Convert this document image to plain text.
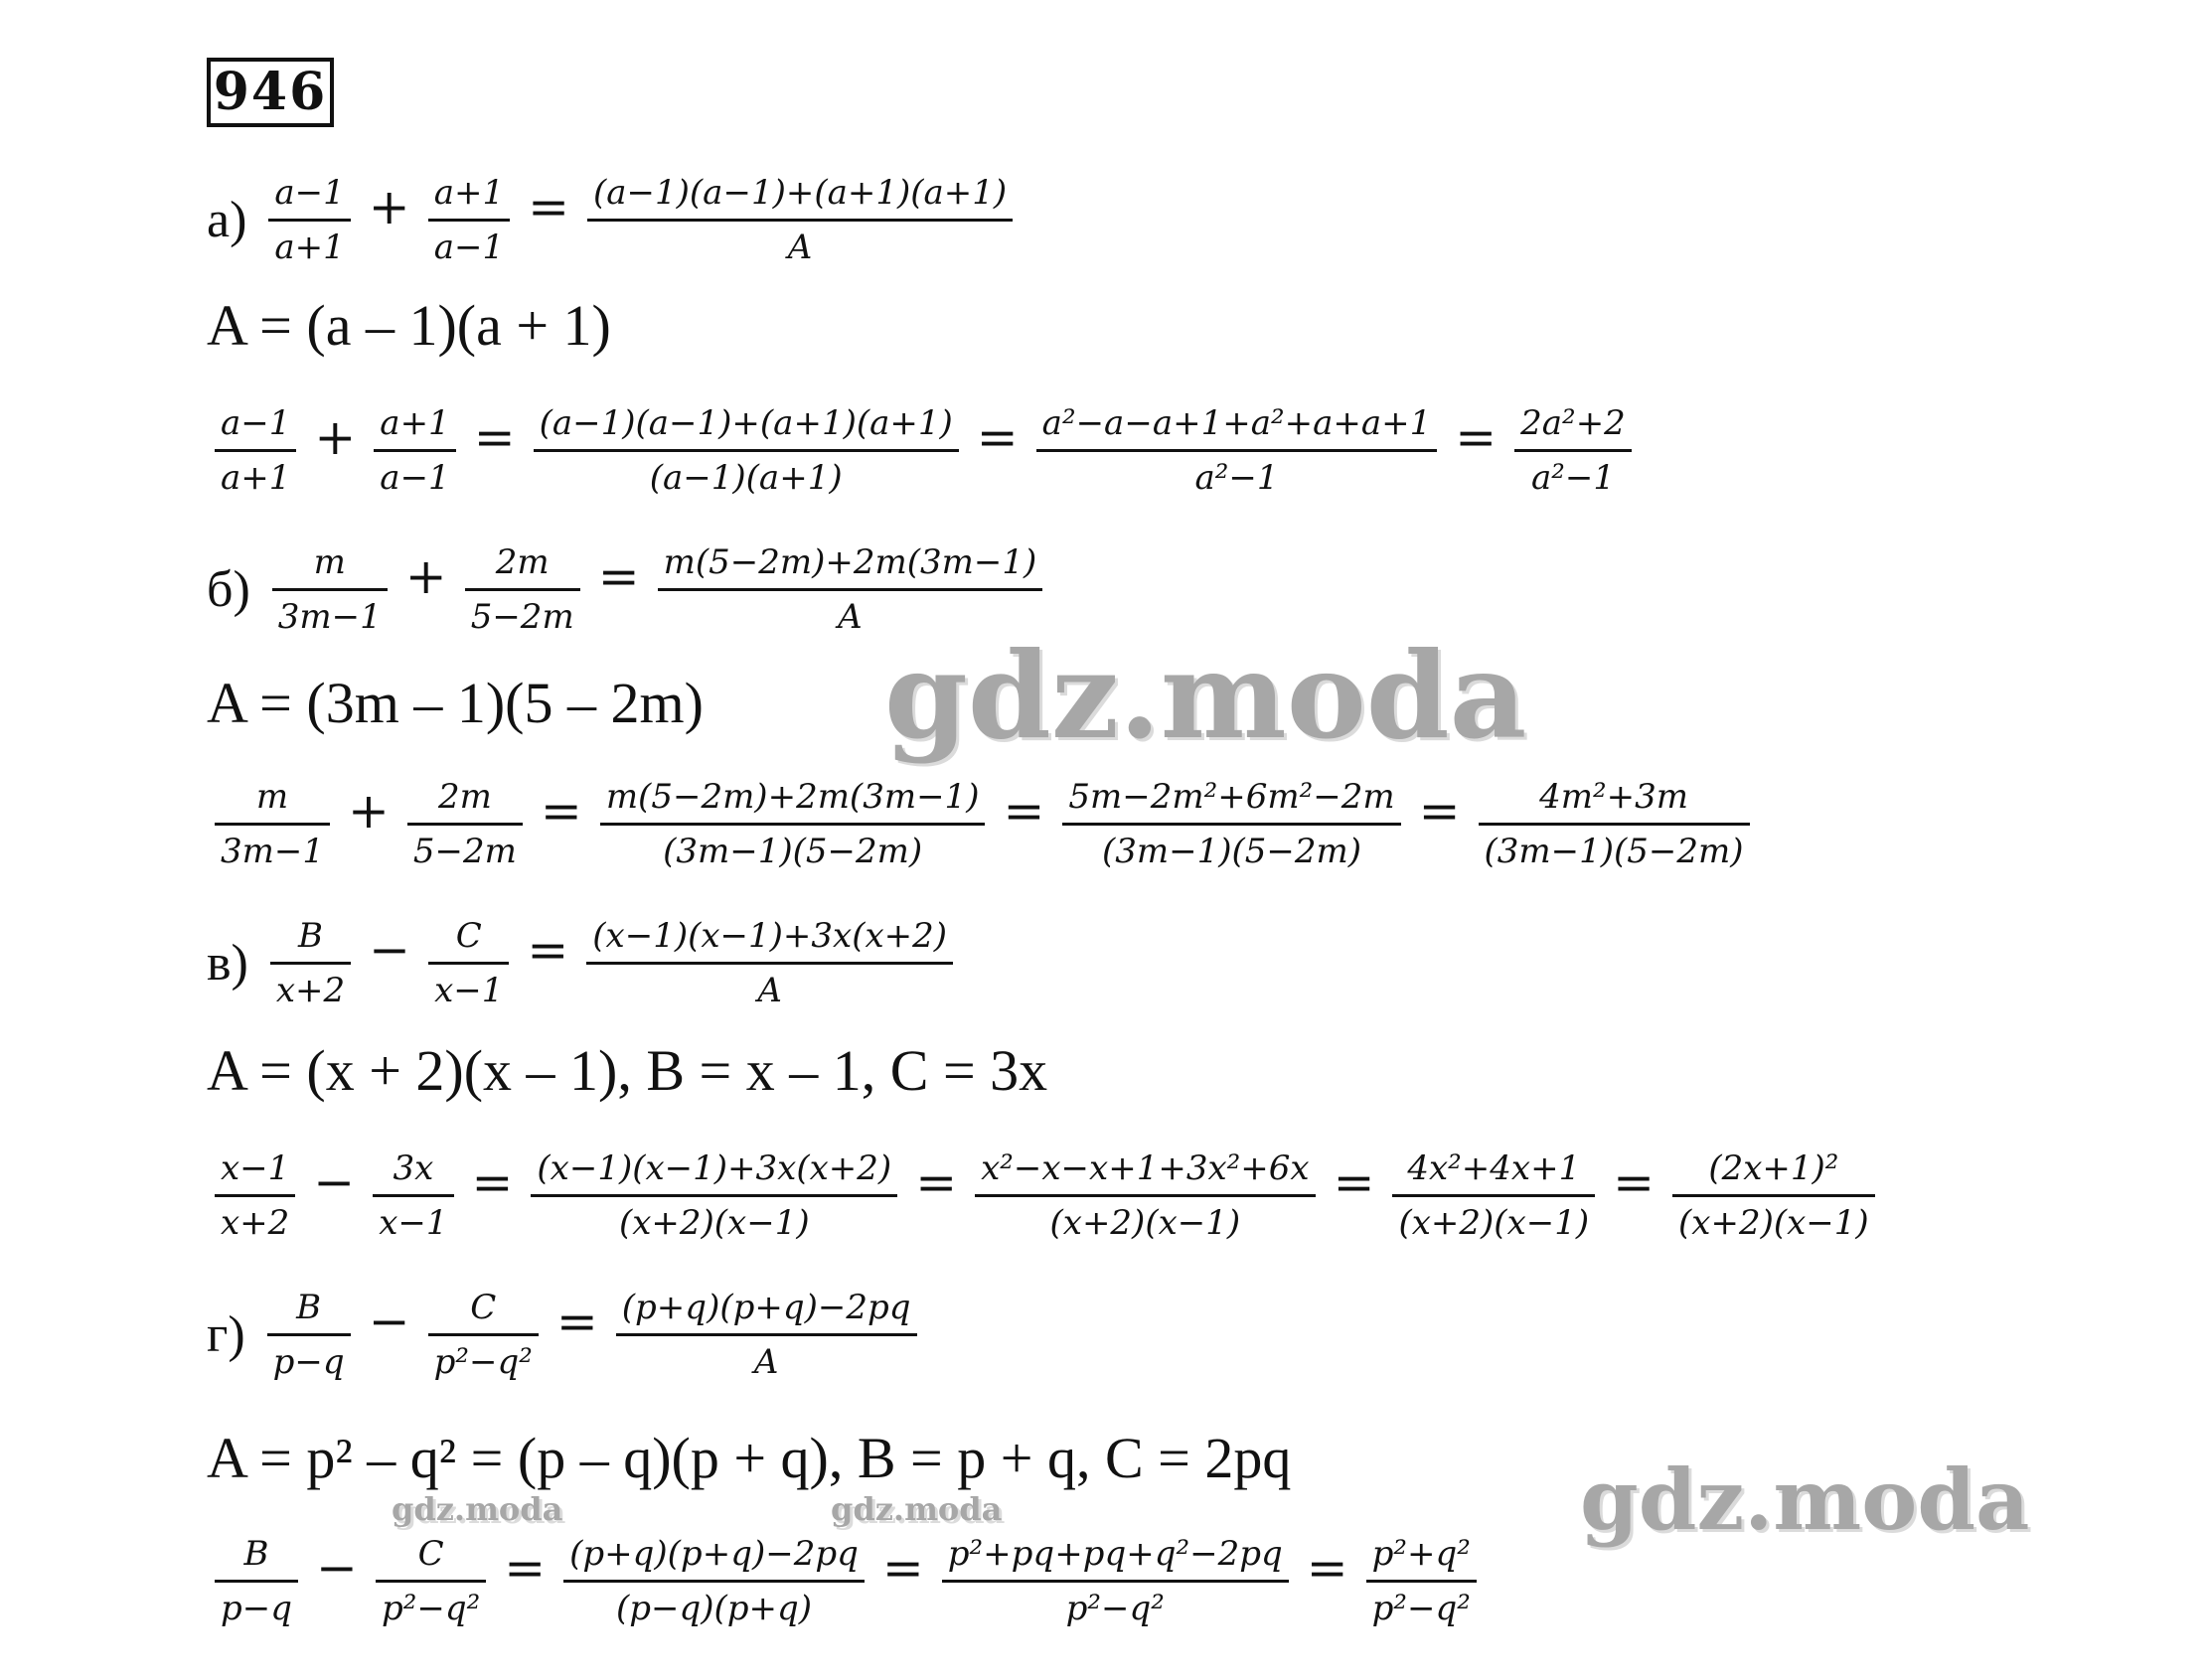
946
$а) \frac{a-1}{a+1} + \frac{a+1}{a-1} = \frac{(a-1)(a-1)+(a+1)(a+1)}{A}$
A = (a – 1)(a + 1)
$\frac{a-1}{a+1} + \frac{a+1}{a-1} = \frac{(a-1)(a-1)+(a+1)(a+1)}{(a-1)(a+1)} = \frac{\text{a²−a−a+1+a²+a+a+1}}{\text{a²−1}} = \frac{\text{2a²+2}}{\text{a²−1}}$
$б) \frac{m}{3m-1} + \frac{2m}{5-2m} = \frac{m(5-2m)+2m(3m-1)}{A}$
A = (3m – 1)(5 – 2m)
$\frac{m}{3m-1} + \frac{2m}{5-2m} = \frac{m(5-2m)+2m(3m-1)}{(3m-1)(5-2m)} = \frac{\text{5m−2m²+6m²−2m}}{(3m-1)(5-2m)} = \frac{\text{4m²+3m}}{(3m-1)(5-2m)}$
$в) \frac{B}{x+2} - \frac{C}{x-1} = \frac{(x-1)(x-1)+3x(x+2)}{A}$
A = (x + 2)(x – 1), B = x – 1, C = 3x
$\frac{x-1}{x+2} - \frac{3x}{x-1} = \frac{(x-1)(x-1)+3x(x+2)}{(x+2)(x-1)} = \frac{\text{x²−x−x+1+3x²+6x}}{(x+2)(x-1)} = \frac{\text{4x²+4x+1}}{(x+2)(x-1)} = \frac{\text{(2x+1)²}}{(x+2)(x-1)}$
$г) \frac{B}{p-q} - \frac{C}{\text{p²−q²}} = \frac{(p+q)(p+q)-2pq}{A}$
A = p² – q² = (p – q)(p + q), B = p + q, C = 2pq
$\frac{B}{p-q} - \frac{C}{\text{p²−q²}} = \frac{(p+q)(p+q)-2pq}{(p-q)(p+q)} = \frac{\text{p²+pq+pq+q²−2pq}}{\text{p²−q²}} = \frac{\text{p²+q²}}{\text{p²−q²}}$
gdz.moda
gdz.moda
gdz.moda	gdz.moda
